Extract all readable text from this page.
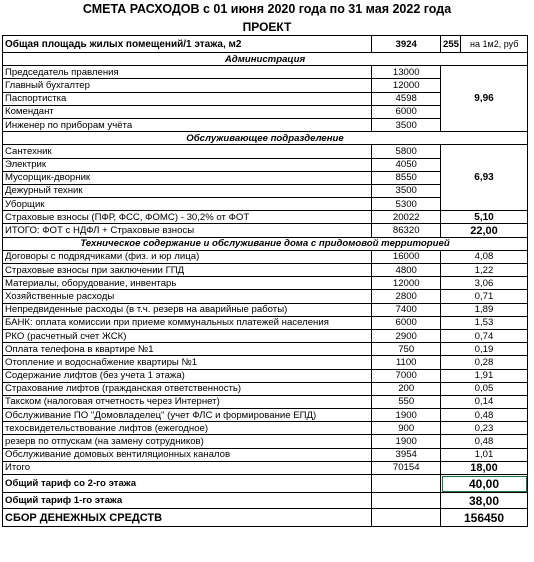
СМЕТА РАСХОДОВ с 01 июня 2020 года по 31 мая 2022 года
ПРОЕКТ
Общая площадь жилых помещений/1 этажа, м2	3924	255	на 1м2, руб
Администрация			
Председатель правления	13000	9,96	
Главный бухгалтер	12000		
Паспортистка	4598		
Комендант	6000		
Инженер по приборам учёта	3500		
Обслуживающее подразделение			
Сантехник	5800	6,93	
Электрик	4050		
Мусорщик-дворник	8550		
Дежурный техник	3500		
Уборщик	5300		
Страховые взносы (ПФР, ФСС, ФОМС) - 30,2% от ФОТ	20022	5,10	
ИТОГО: ФОТ с НДФЛ + Страховые взносы	86320	22,00	
Техническое содержание и обслуживание дома с придомовой территорией			
Договоры с подрядчиками (физ. и юр лица)	16000	4,08	
Страховые взносы при заключении ГПД	4800	1,22	
Материалы, оборудование, инвентарь	12000	3,06	
Хозяйственные расходы	2800	0,71	
Непредвиденные расходы (в т.ч. резерв на аварийные работы)	7400	1,89	
БАНК: оплата комиссии при приеме коммунальных платежей населения	6000	1,53	
РКО (расчетный счет ЖСК)	2900	0,74	
Оплата телефона в квартире №1	750	0,19	
Отопление и водоснабжение квартиры №1	1100	0,28	
Содержание лифтов (без учета 1 этажа)	7000	1,91	
Страхование лифтов (гражданская ответственность)	200	0,05	
Такском (налоговая отчетность через Интернет)	550	0,14	
Обслуживание ПО "Домовладелец" (учет ФЛС и формирование ЕПД)	1900	0,48	
техосвидетельствование лифтов (ежегодное)	900	0,23	
резерв по отпускам (на замену сотрудников)	1900	0,48	
Обслуживание домовых вентиляционных каналов	3954	1,01	
Итого	70154	18,00	
Общий тариф со 2-го этажа		40,00	
Общий тариф 1-го этажа		38,00	
СБОР ДЕНЕЖНЫХ СРЕДСТВ		156450	
